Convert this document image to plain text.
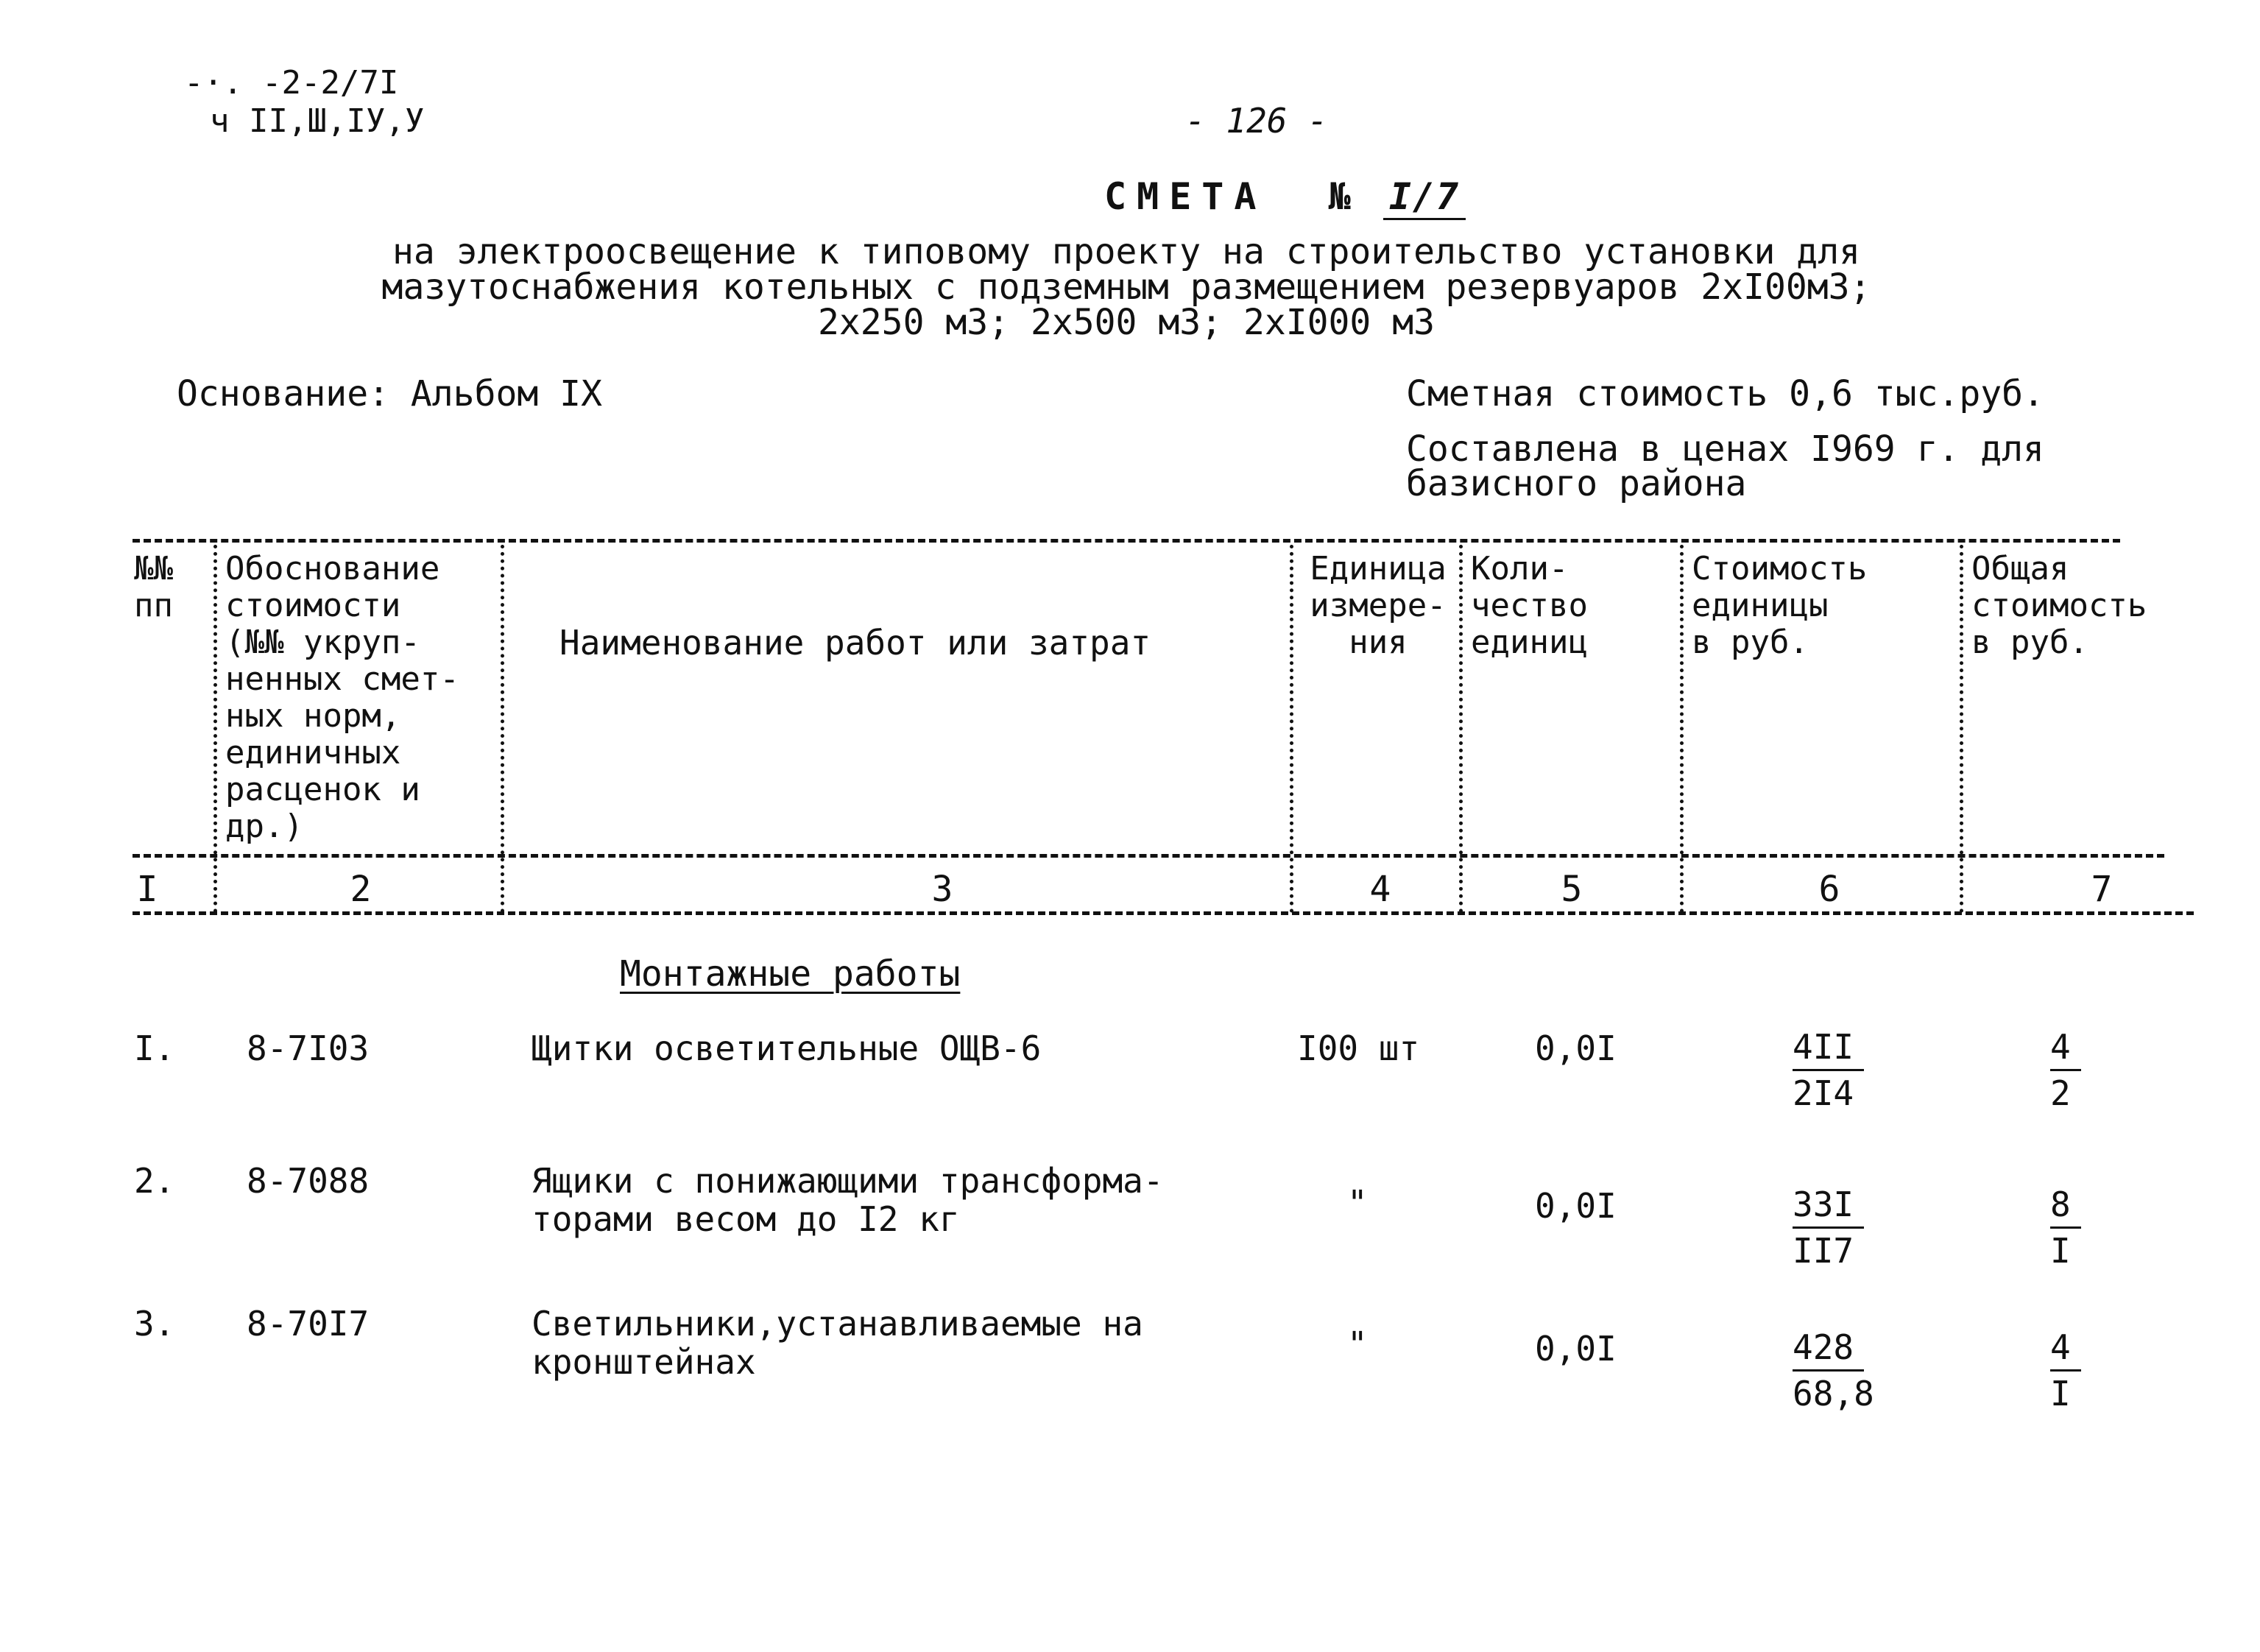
-·. -2-2/7I
ч II,Ш,IУ,У	- 126 -
СМЕТА № I/7
на электроосвещение к типовому проекту на строительство установки для
мазутоснабжения котельных с подземным размещением резервуаров 2хI00м3;
2х250 м3; 2х500 м3; 2хI000 м3
Основание: Альбом IX	Сметная стоимость 0,6 тыс.руб.
Составлена в ценах I969 г. для
базисного района
№№
пп
Обоснование
стоимости
(№№ укруп-
ненных смет-
ных норм,
единичных
расценок и
др.)
Наименование работ или затрат
Единица
измере-
ния
Коли-
чество
единиц
Стоимость
единицы
в руб.
Общая
стоимость
в руб.
I	2	3	4	5	6	7
Монтажные работы
I. 8-7I03	Щитки осветительные ОЩВ-6	I00 шт	0,0I	$\frac{4II}{2I4}$	$\frac{4}{2}$
2. 8-7088	Ящики с понижающими трансформа-
торами весом до I2 кг	"	0,0I	$\frac{33I}{II7}$	$\frac{8}{I}$
3. 8-70I7	Светильники,устанавливаемые на
кронштейнах	"	0,0I	$\frac{428}{68,8}$	$\frac{4}{I}$
